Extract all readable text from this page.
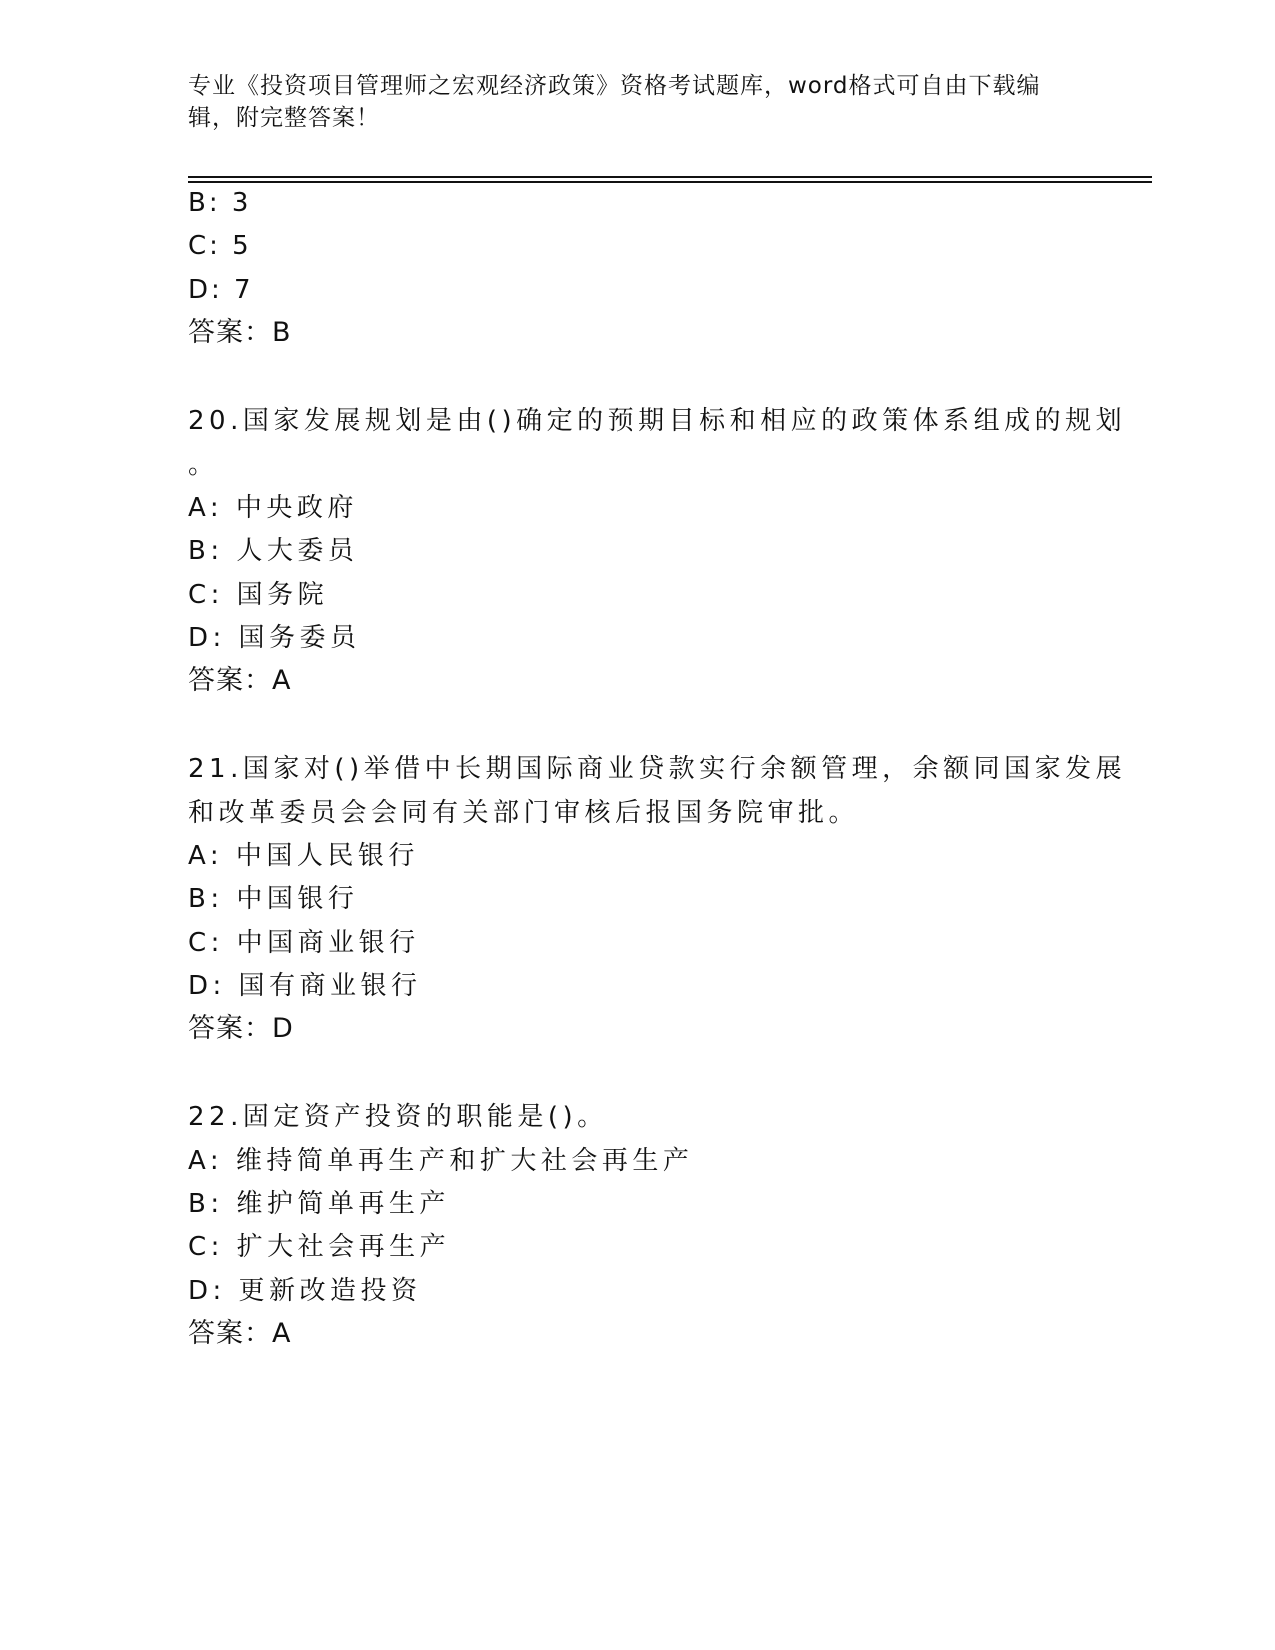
专业《投资项目管理师之宏观经济政策》资格考试题库，word格式可自由下载编辑，附完整答案！
B: 3
C: 5
D: 7
答案：B
20.国家发展规划是由()确定的预期目标和相应的政策体系组成的规划
。
A: 中央政府
B: 人大委员
C: 国务院
D: 国务委员
答案：A
21.国家对()举借中长期国际商业贷款实行余额管理，余额同国家发展
和改革委员会会同有关部门审核后报国务院审批。
A: 中国人民银行
B: 中国银行
C: 中国商业银行
D: 国有商业银行
答案：D
22.固定资产投资的职能是()。
A: 维持简单再生产和扩大社会再生产
B: 维护简单再生产
C: 扩大社会再生产
D: 更新改造投资
答案：A
